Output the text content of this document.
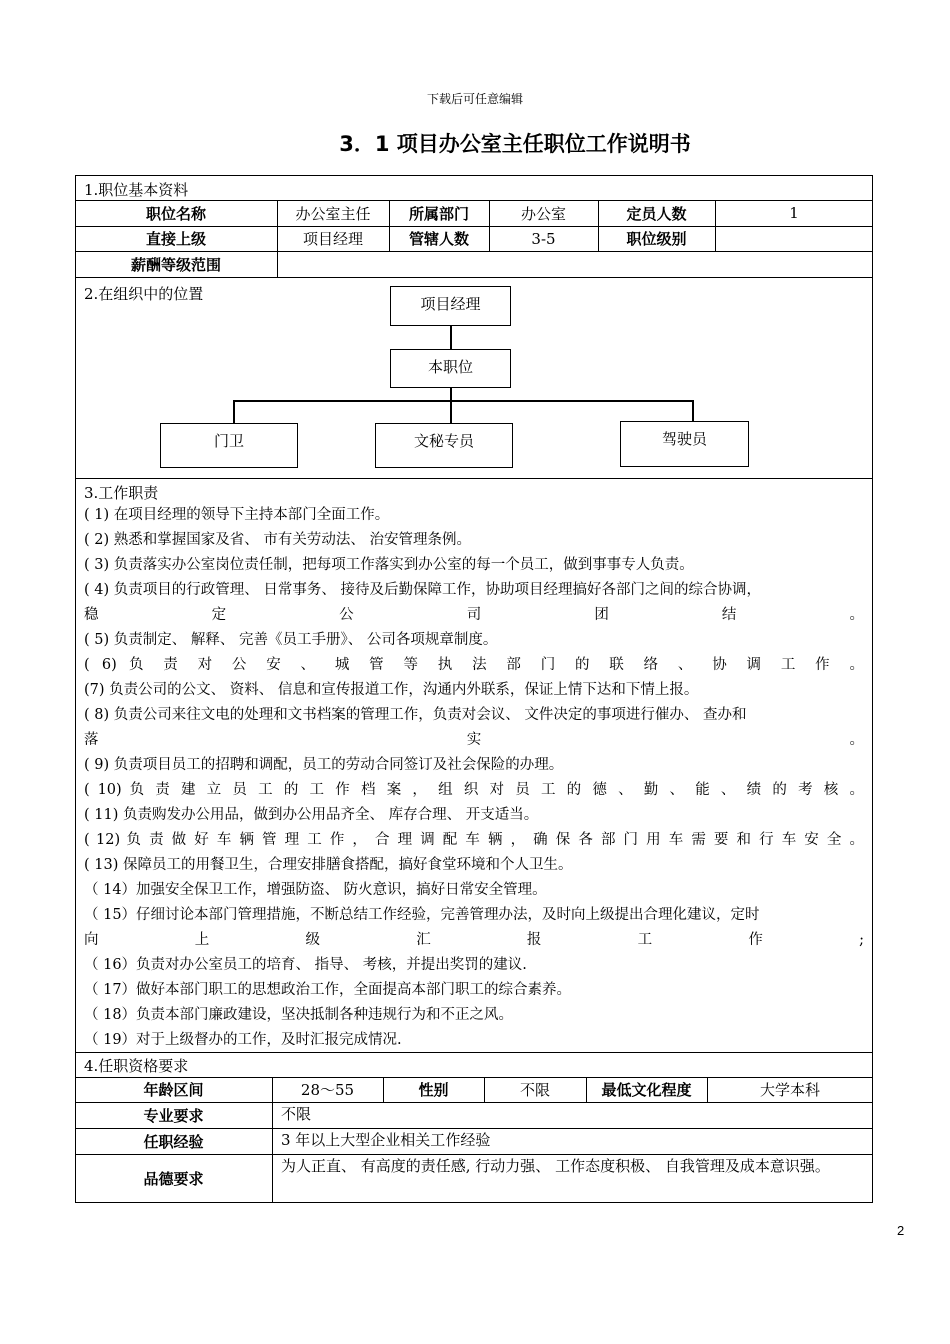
下载后可任意编辑
3．1 项目办公室主任职位工作说明书
1.职位基本资料
职位名称	办公室主任	所属部门	办公室	定员人数	1
直接上级	项目经理	管辖人数	3-5	职位级别
薪酬等级范围
2.在组织中的位置
项目经理
本职位
门卫	文秘专员	驾驶员
3.工作职责
( 1) 在项目经理的领导下主持本部门全面工作。
( 2) 熟悉和掌握国家及省、 市有关劳动法、 治安管理条例。
( 3) 负责落实办公室岗位责任制，把每项工作落实到办公室的每一个员工，做到事事专人负责。
( 4) 负责项目的行政管理、 日常事务、 接待及后勤保障工作，协助项目经理搞好各部门之间的综合协调，
稳 定 公 司 团 结 。
( 5) 负责制定、 解释、 完善《员工手册》、 公司各项规章制度。
( 6) 负 责 对 公 安 、 城 管 等 执 法 部 门 的 联 络 、 协 调 工 作 。
(7) 负责公司的公文、 资料、 信息和宣传报道工作，沟通内外联系，保证上情下达和下情上报。
( 8) 负责公司来往文电的处理和文书档案的管理工作，负责对会议、 文件决定的事项进行催办、 查办和
落 实 。
( 9) 负责项目员工的招聘和调配，员工的劳动合同签订及社会保险的办理。
( 10) 负 责 建 立 员 工 的 工 作 档 案 ， 组 织 对 员 工 的 德 、 勤 、 能 、 绩 的 考 核 。
( 11) 负责购发办公用品，做到办公用品齐全、 库存合理、 开支适当。
( 12) 负 责 做 好 车 辆 管 理 工 作 ， 合 理 调 配 车 辆 ， 确 保 各 部 门 用 车 需 要 和 行 车 安 全 。
( 13) 保障员工的用餐卫生，合理安排膳食搭配，搞好食堂环境和个人卫生。
（ 14）加强安全保卫工作，增强防盗、 防火意识，搞好日常安全管理。
（ 15）仔细讨论本部门管理措施，不断总结工作经验，完善管理办法，及时向上级提出合理化建议，定时
向 上 级 汇 报 工 作 ;
（ 16）负责对办公室员工的培育、 指导、 考核，并提出奖罚的建议.
（ 17）做好本部门职工的思想政治工作，全面提高本部门职工的综合素养。
（ 18）负责本部门廉政建设，坚决抵制各种违规行为和不正之风。
（ 19）对于上级督办的工作，及时汇报完成情况.
4.任职资格要求
年龄区间	28～55	性别	不限	最低文化程度	大学本科
专业要求	不限
任职经验	3 年以上大型企业相关工作经验
品德要求
为人正直、 有高度的责任感, 行动力强、 工作态度积极、 自我管理及成本意识强。
2
